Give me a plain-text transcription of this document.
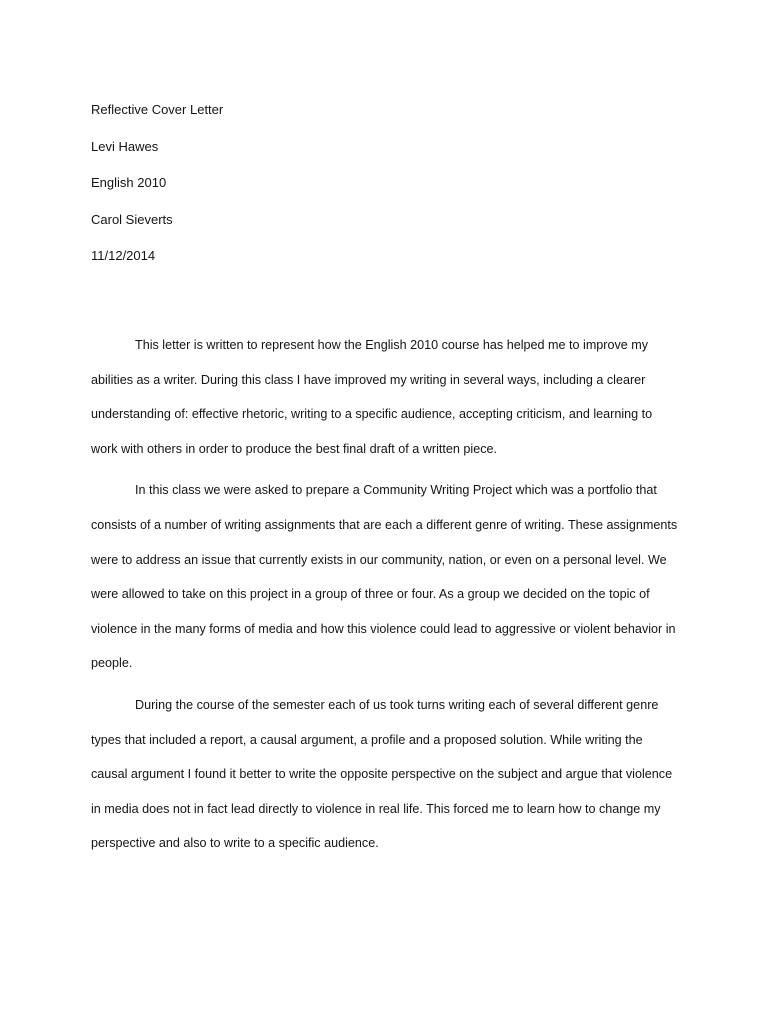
Reflective Cover Letter
Levi Hawes
English 2010
Carol Sieverts
11/12/2014

This letter is written to represent how the English 2010 course has helped me to improve my abilities as a writer. During this class I have improved my writing in several ways, including a clearer understanding of: effective rhetoric, writing to a specific audience, accepting criticism, and learning to work with others in order to produce the best final draft of a written piece.

In this class we were asked to prepare a Community Writing Project which was a portfolio that consists of a number of writing assignments that are each a different genre of writing. These assignments were to address an issue that currently exists in our community, nation, or even on a personal level. We were allowed to take on this project in a group of three or four. As a group we decided on the topic of violence in the many forms of media and how this violence could lead to aggressive or violent behavior in people.

During the course of the semester each of us took turns writing each of several different genre types that included a report, a causal argument, a profile and a proposed solution. While writing the causal argument I found it better to write the opposite perspective on the subject and argue that violence in media does not in fact lead directly to violence in real life. This forced me to learn how to change my perspective and also to write to a specific audience.
